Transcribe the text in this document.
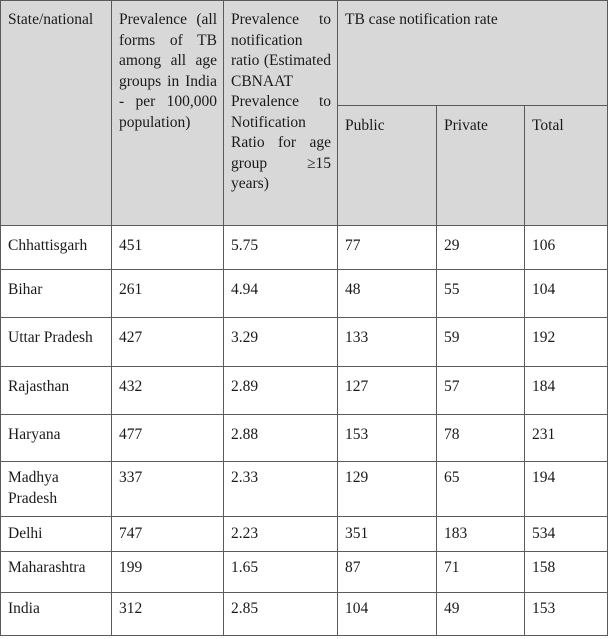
State/national	Prevalence (all forms of TB among all age groups in India - per 100,000 population)	Prevalence to notification ratio (Estimated CBNAAT Prevalence to Notification Ratio for age group ≥15 years)	TB case notification rate		

			Public	Private	Total

Chhattisgarh	451	5.75	77	29	106

Bihar	261	4.94	48	55	104

Uttar Pradesh	427	3.29	133	59	192

Rajasthan	432	2.89	127	57	184

Haryana	477	2.88	153	78	231

Madhya Pradesh	337	2.33	129	65	194

Delhi	747	2.23	351	183	534

Maharashtra	199	1.65	87	71	158

India	312	2.85	104	49	153
